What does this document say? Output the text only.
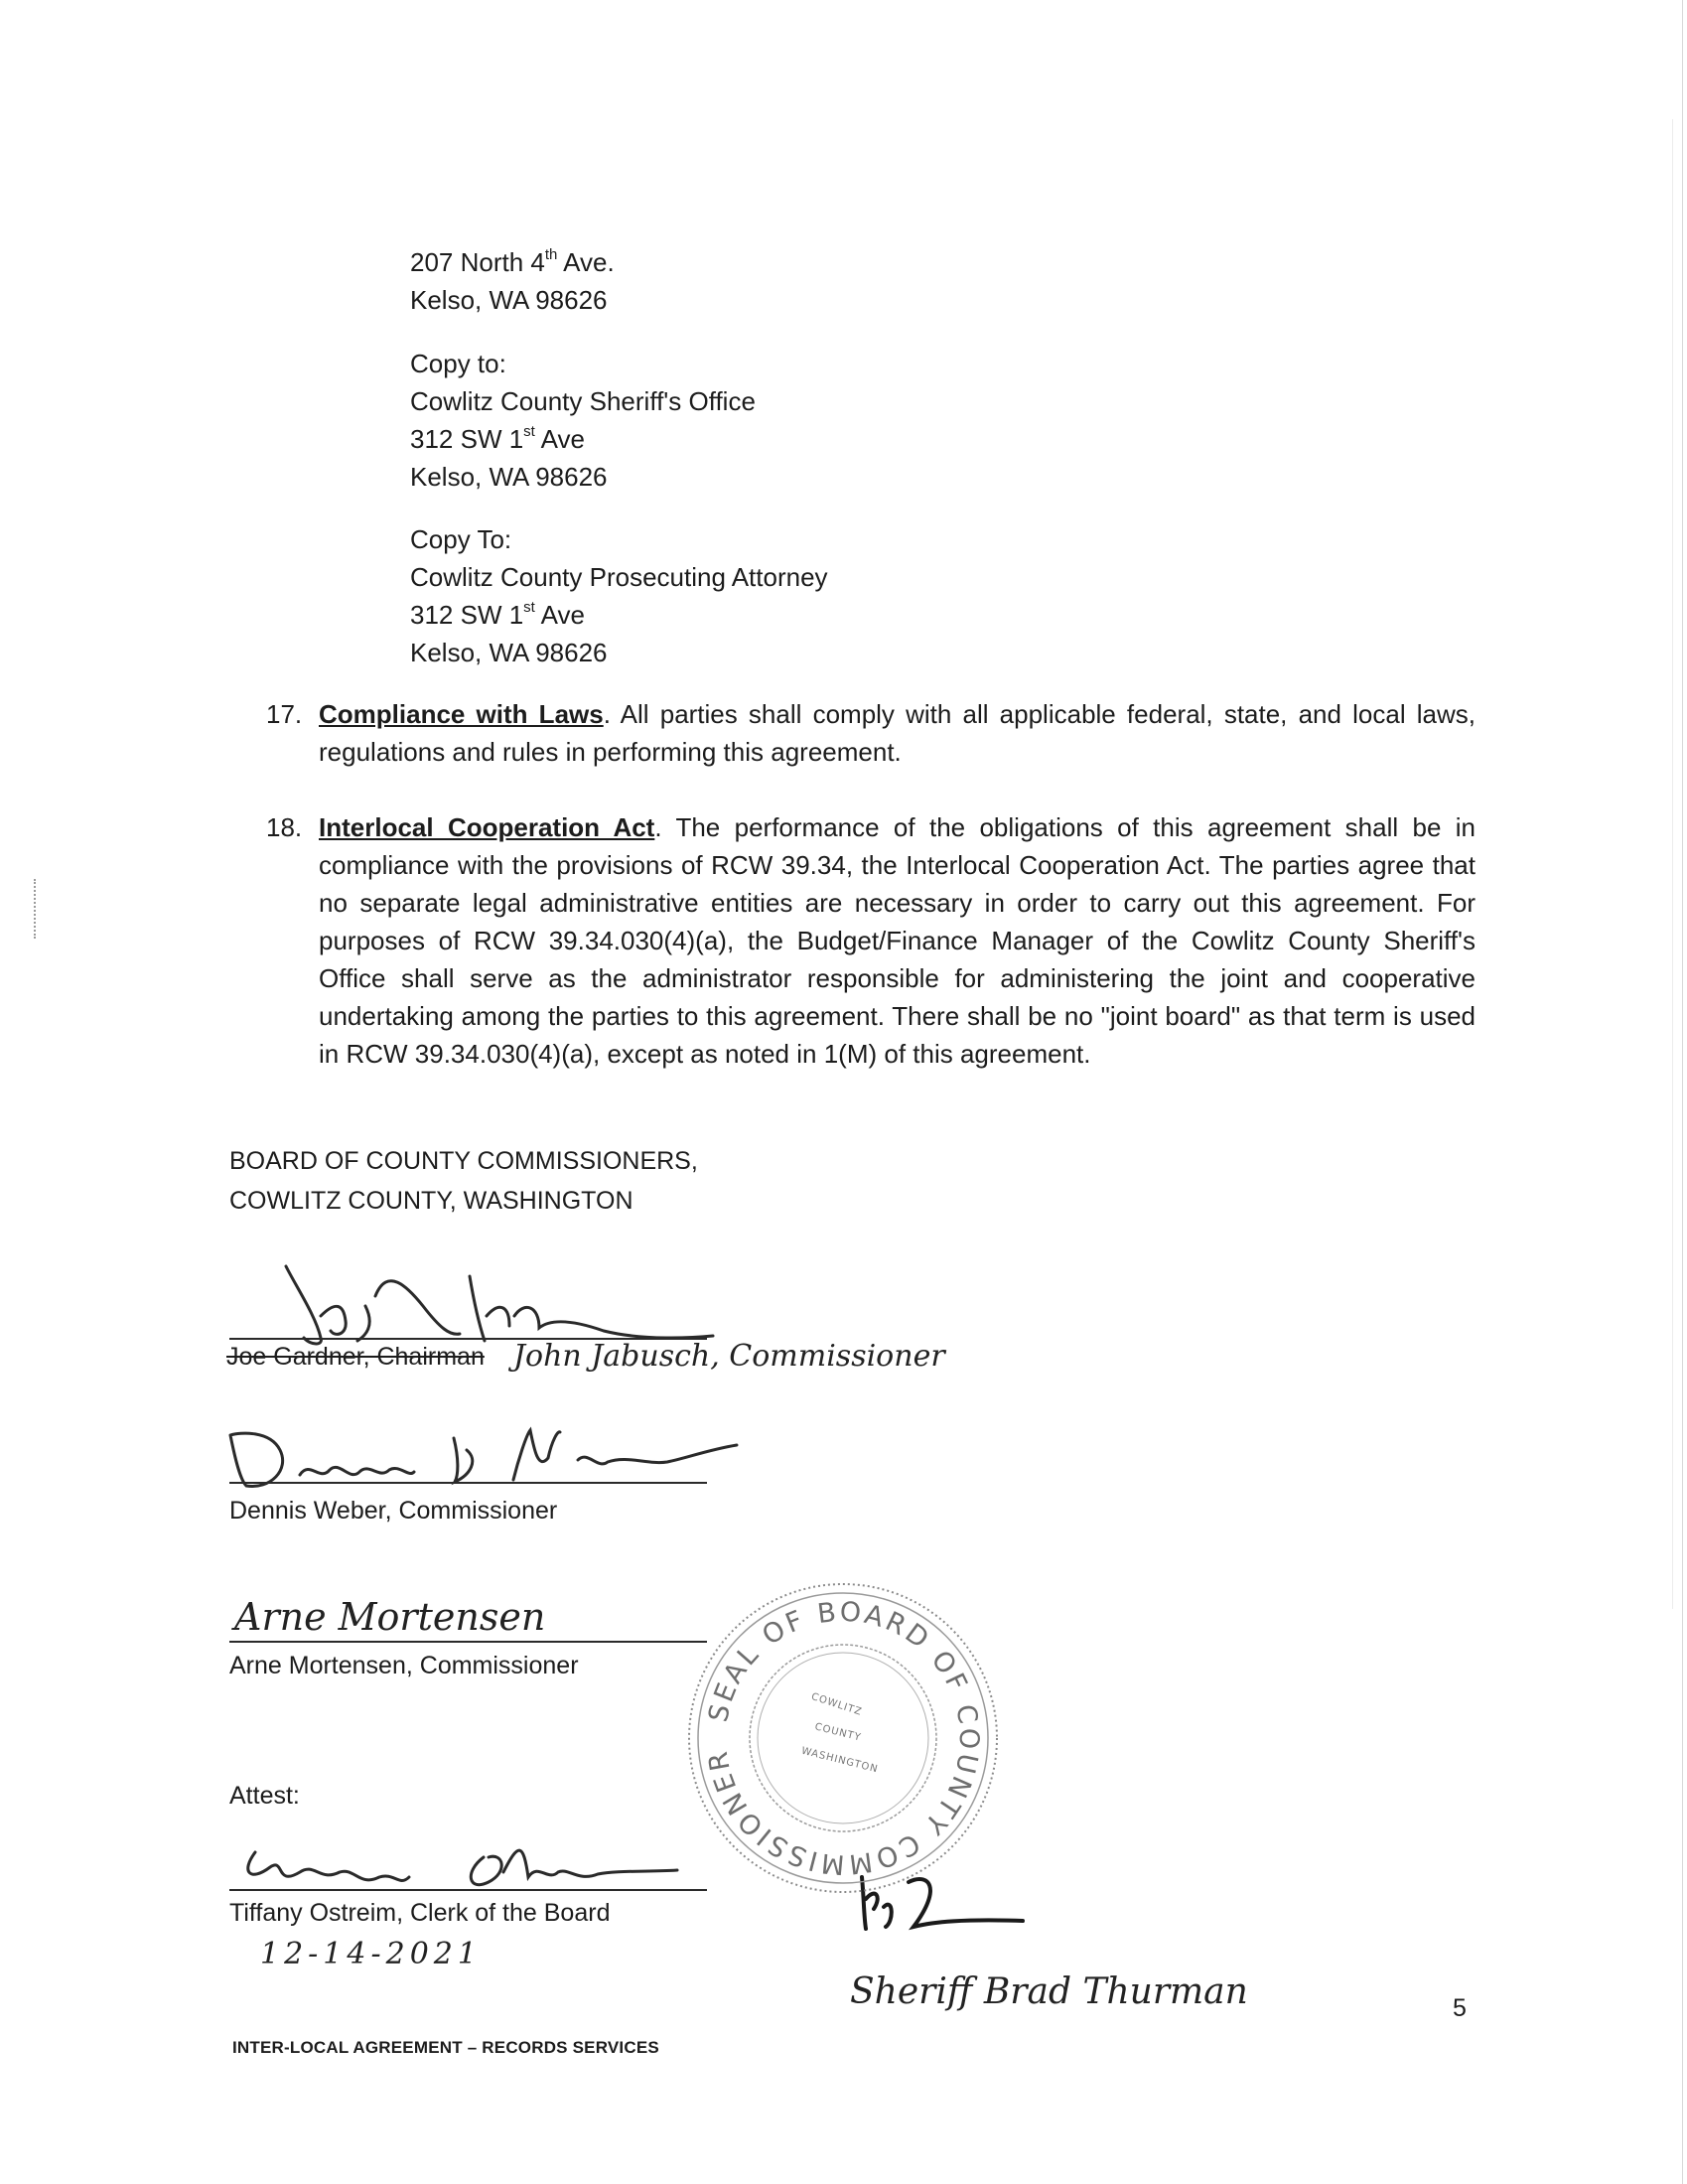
207 North 4th Ave.
Kelso, WA 98626
Copy to:
Cowlitz County Sheriff's Office
312 SW 1st Ave
Kelso, WA 98626
Copy To:
Cowlitz County Prosecuting Attorney
312 SW 1st Ave
Kelso, WA 98626
17. Compliance with Laws. All parties shall comply with all applicable federal, state, and local laws, regulations and rules in performing this agreement.
18. Interlocal Cooperation Act. The performance of the obligations of this agreement shall be in compliance with the provisions of RCW 39.34, the Interlocal Cooperation Act. The parties agree that no separate legal administrative entities are necessary in order to carry out this agreement. For purposes of RCW 39.34.030(4)(a), the Budget/Finance Manager of the Cowlitz County Sheriff's Office shall serve as the administrator responsible for administering the joint and cooperative undertaking among the parties to this agreement. There shall be no "joint board" as that term is used in RCW 39.34.030(4)(a), except as noted in 1(M) of this agreement.
BOARD OF COUNTY COMMISSIONERS,
COWLITZ COUNTY, WASHINGTON
Joe Gardner, Chairman John Jabusch, Commissioner
Dennis Weber, Commissioner
Arne Mortensen
Arne Mortensen, Commissioner
Attest:
Tiffany Ostreim, Clerk of the Board
12-14-2021
Sheriff Brad Thurman
SEAL OF BOARD OF COUNTY COMMISSIONER
COWLITZ
COUNTY
WASHINGTON
INTER-LOCAL AGREEMENT – RECORDS SERVICES
5
